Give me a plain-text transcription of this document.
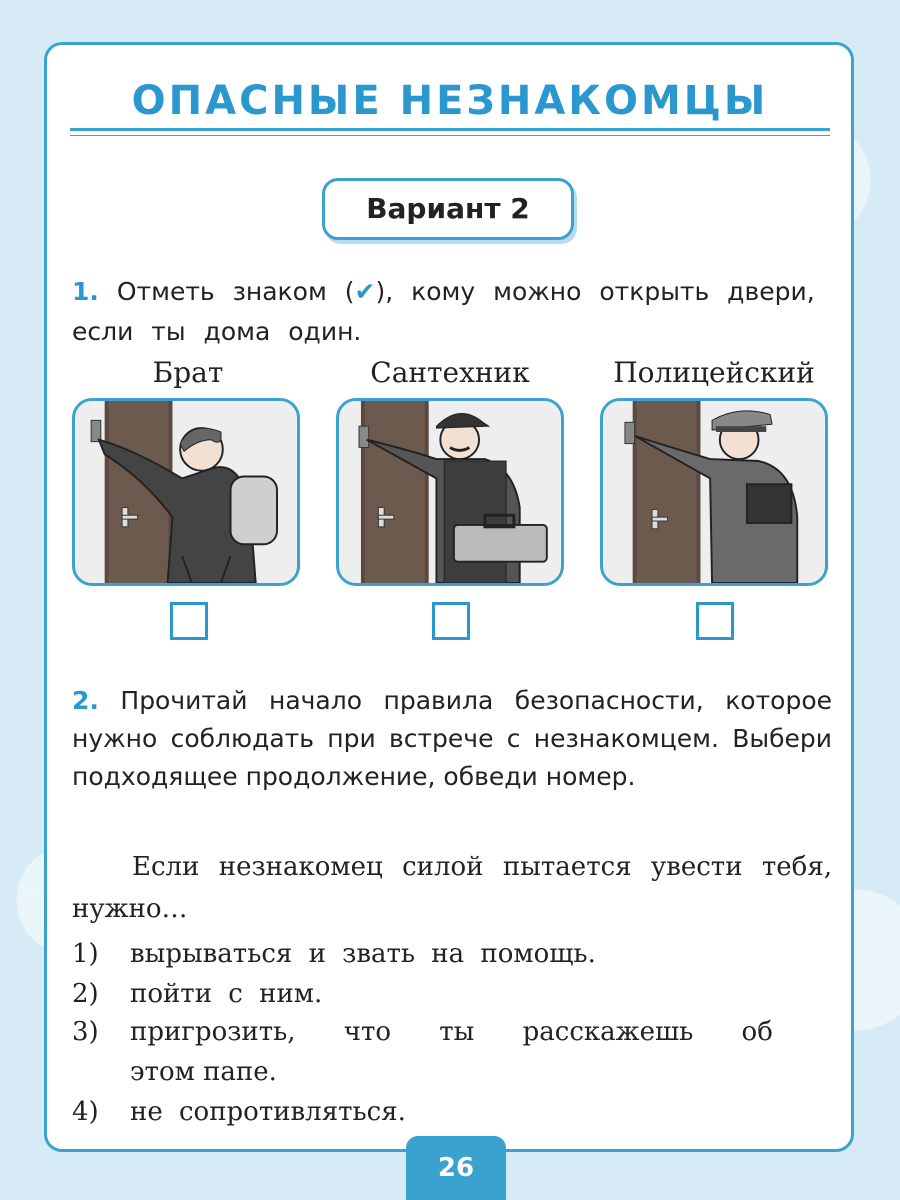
ОПАСНЫЕ НЕЗНАКОМЦЫ
Вариант 2
1. Отметь знаком (✔), кому можно открыть двери, если ты дома один.
Брат	Сантехник	Полицейский
2. Прочитай начало правила безопасности, которое нужно соблюдать при встрече с незнакомцем. Выбери подходящее продолжение, обведи номер.
Если незнакомец силой пытается увести тебя, нужно…
1) вырываться и звать на помощь.
2) пойти с ним.
3) пригрозить, что ты расскажешь об
этом папе.
4) не сопротивляться.
26
